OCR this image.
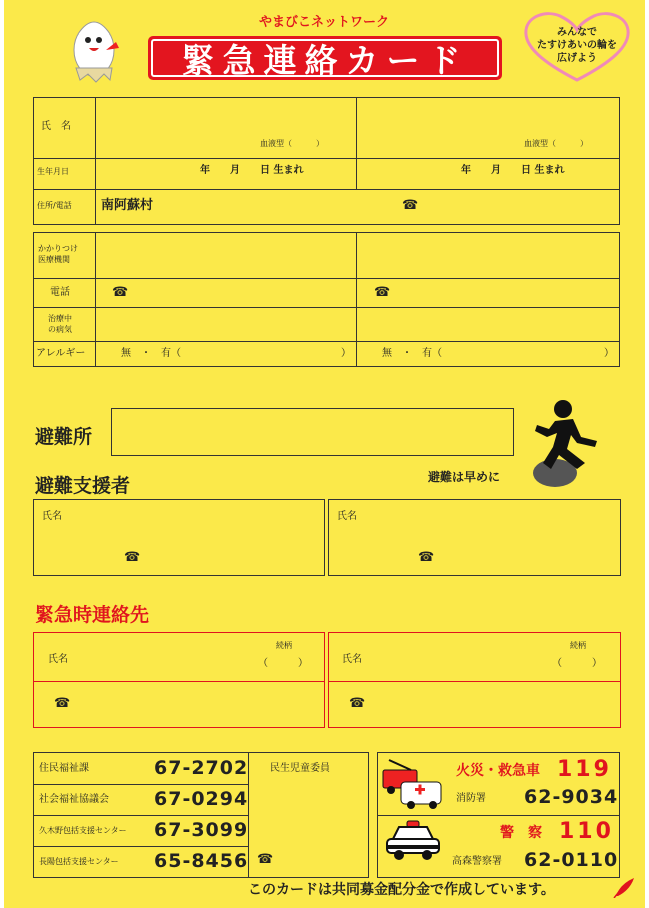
やまびこネットワーク
緊急連絡カード
みんなで
たすけあいの輪を
広げよう
氏　名
血液型（　　　）	血液型（　　　）
生年月日	年　　月　　日 生まれ	年　　月　　日 生まれ
住所/電話 南阿蘇村	☎
かかりつけ
医療機関
電話	☎	☎
治療中
の病気
アレルギー	無　・　有（	）	無　・　有（	）
避難所
避難は早めに
避難支援者
氏名	氏名
☎	☎
緊急時連絡先
氏名	氏名
続柄	続柄
（　　　）	（　　　）
☎	☎
住民福祉課	67-2702
社会福祉協議会 67-0294
久木野包括支援センター 67-3099
長陽包括支援センター 65-8456
民生児童委員
☎
火災・救急車 119
消防署 62-9034
警　察 110
高森警察署 62-0110
このカードは共同募金配分金で作成しています。
